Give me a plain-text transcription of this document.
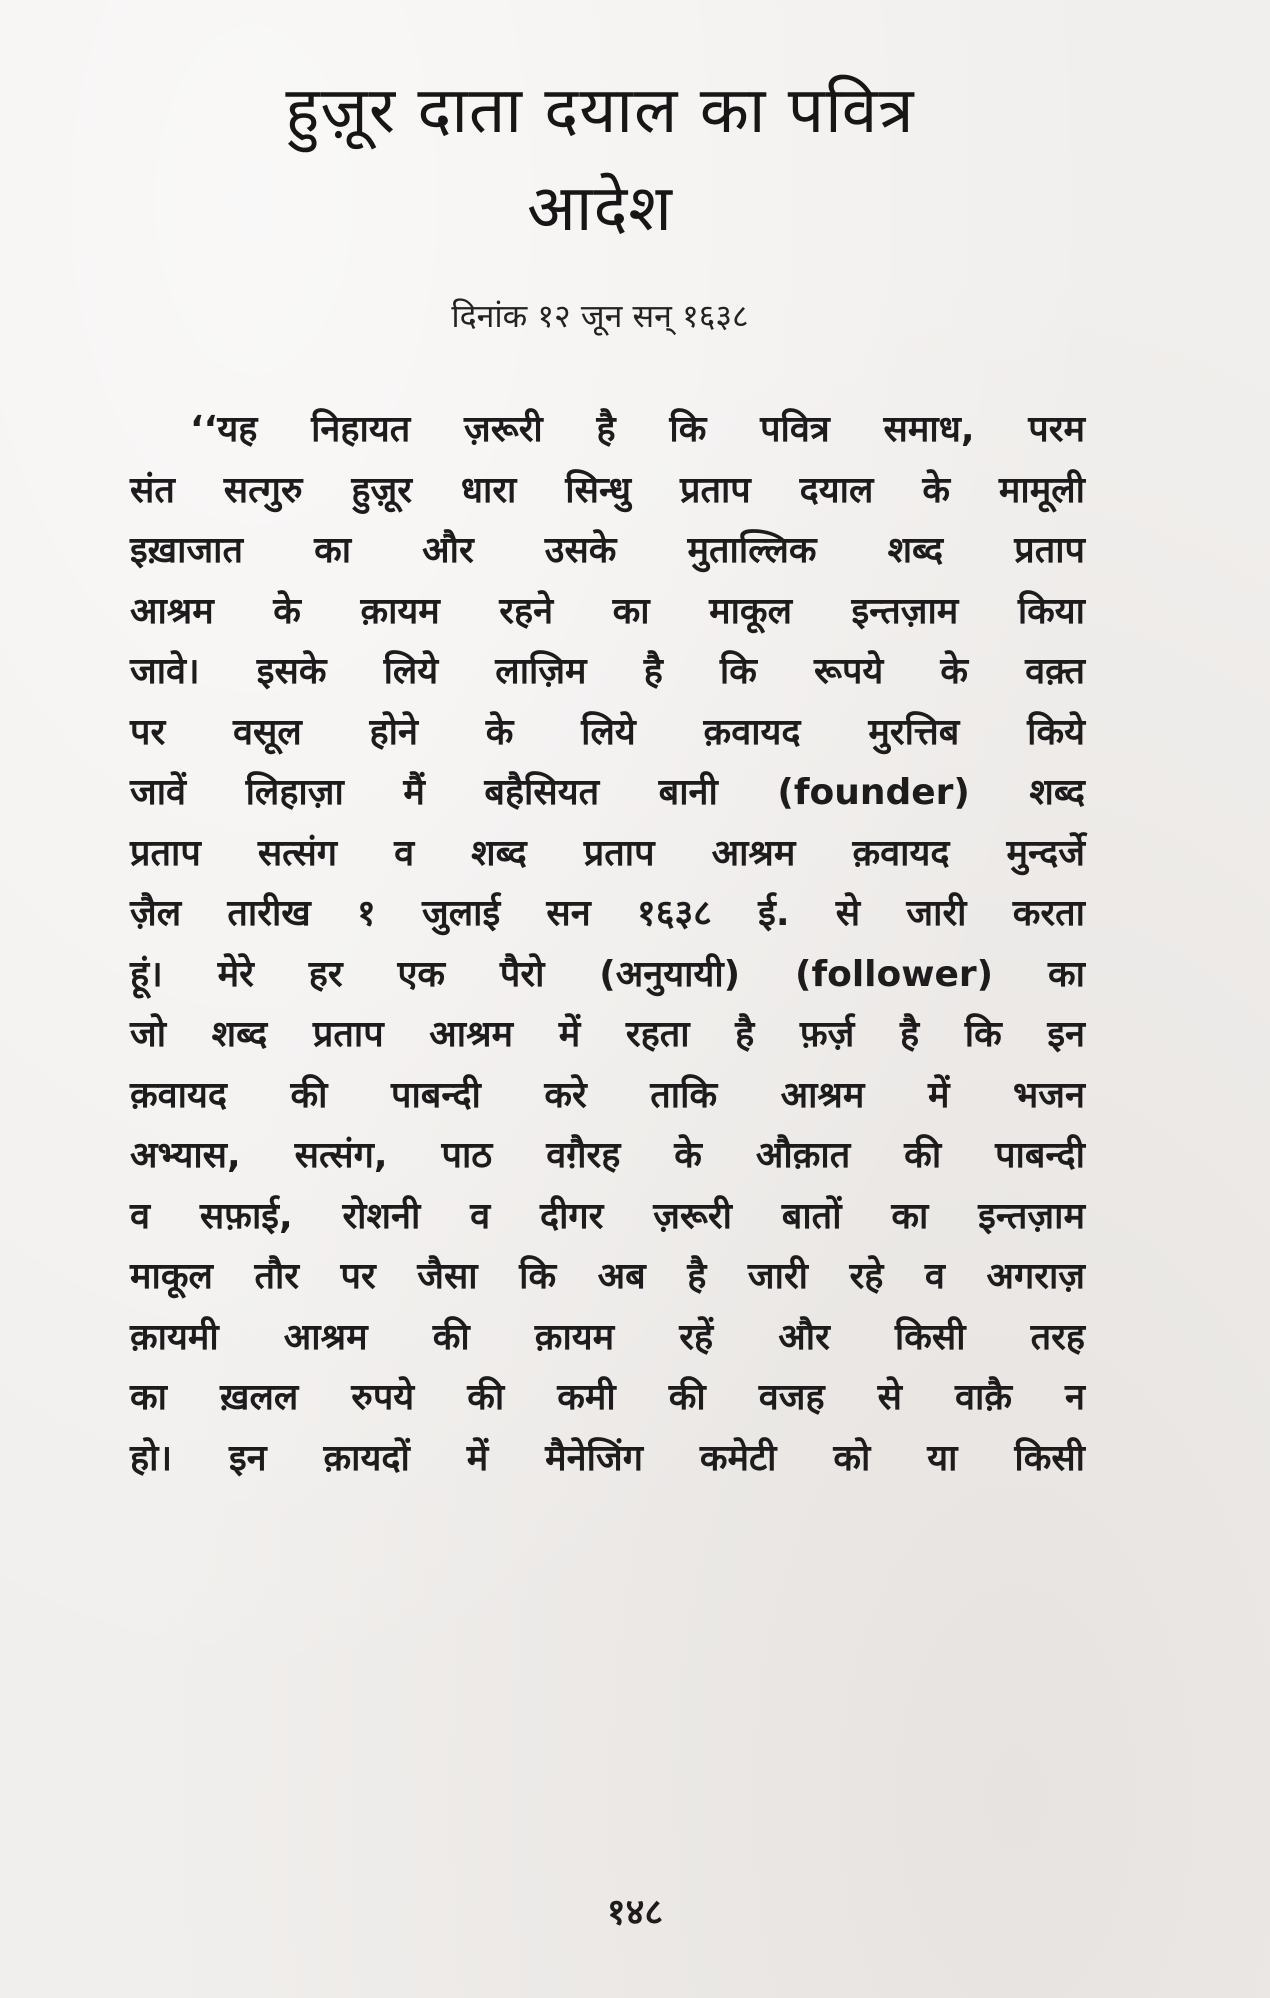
हुज़ूर दाता दयाल का पवित्र
आदेश
दिनांक १२ जून सन् १६३८
‘‘यह निहायत ज़रूरी है कि पवित्र समाध, परम
संत सत्गुरु हुज़ूर धारा सिन्धु प्रताप दयाल के मामूली
इख़ाजात का और उसके मुताल्लिक शब्द प्रताप
आश्रम के क़ायम रहने का माकूल इन्तज़ाम किया
जावे। इसके लिये लाज़िम है कि रूपये के वक़्त
पर वसूल होने के लिये क़वायद मुरत्तिब किये
जावें लिहाज़ा मैं बहैसियत बानी (founder) शब्द
प्रताप सत्संग व शब्द प्रताप आश्रम क़वायद मुन्दर्जे
ज़ैल तारीख १ जुलाई सन १६३८ ई. से जारी करता
हूं। मेरे हर एक पैरो (अनुयायी) (follower) का
जो शब्द प्रताप आश्रम में रहता है फ़र्ज़ है कि इन
क़वायद की पाबन्दी करे ताकि आश्रम में भजन
अभ्यास, सत्संग, पाठ वग़ैरह के औक़ात की पाबन्दी
व सफ़ाई, रोशनी व दीगर ज़रूरी बातों का इन्तज़ाम
माकूल तौर पर जैसा कि अब है जारी रहे व अगराज़
क़ायमी आश्रम की क़ायम रहें और किसी तरह
का ख़लल रुपये की कमी की वजह से वाक़ै न
हो। इन क़ायदों में मैनेजिंग कमेटी को या किसी
१४८
